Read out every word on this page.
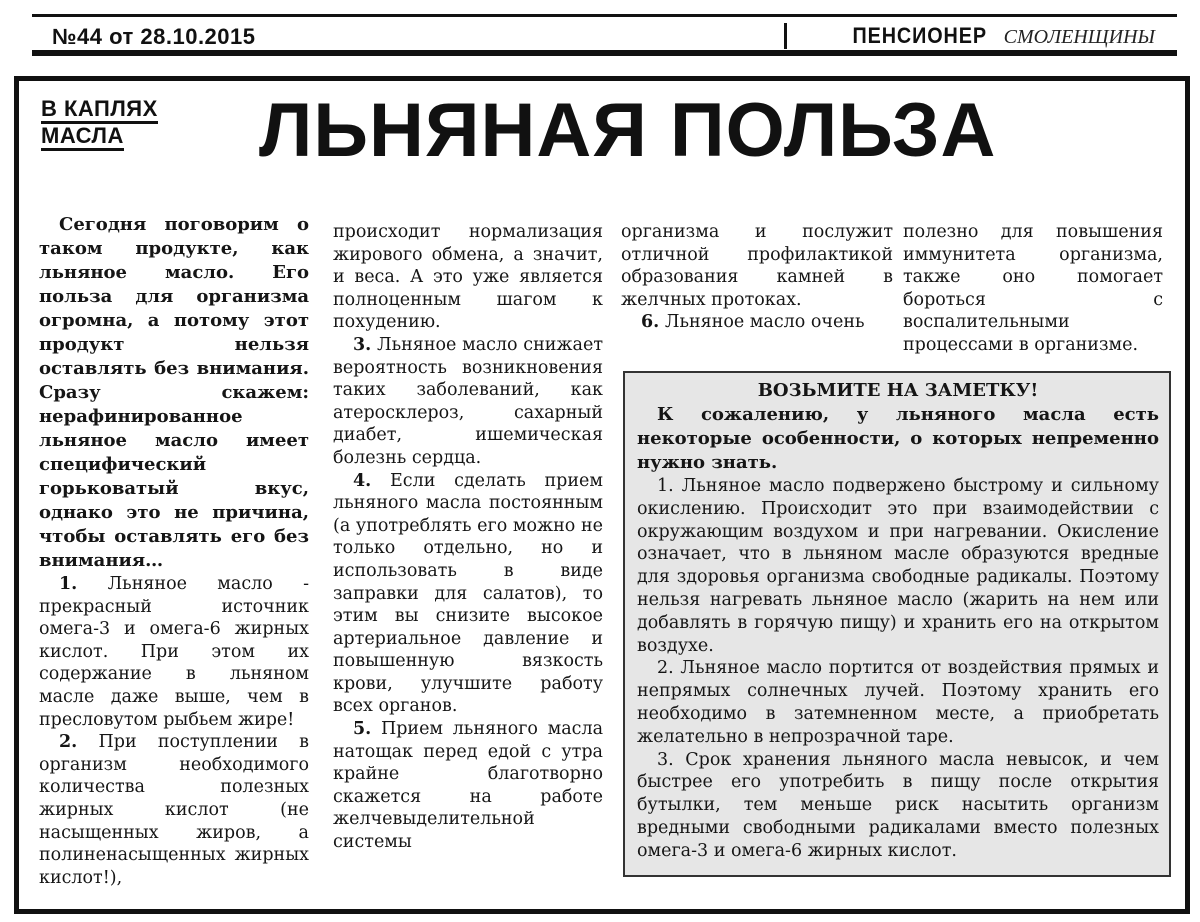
№44 от 28.10.2015	ПЕНСИОНЕР СМОЛЕНЩИНЫ
В КАПЛЯХ
МАСЛА ЛЬНЯНАЯ ПОЛЬЗА

Сегодня поговорим о таком продукте, как льняное масло. Его польза для организма огромна, а потому этот продукт нельзя оставлять без внимания. Сразу скажем: нерафинированное льняное масло имеет специфический горьковатый вкус, однако это не причина, чтобы оставлять его без внимания…

1. Льняное масло - прекрасный источник омега-3 и омега-6 жирных кислот. При этом их содержание в льняном масле даже выше, чем в пресловутом рыбьем жире!

2. При поступлении в организм необходимого количества полезных жирных кислот (не насыщенных жиров, а полиненасыщенных жирных кислот!),

происходит нормализация жирового обмена, а значит, и веса. А это уже является полноценным шагом к похудению.

3. Льняное масло снижает вероятность возникновения таких заболеваний, как атеросклероз, сахарный диабет, ишемическая болезнь сердца.

4. Если сделать прием льняного масла постоянным (а употреблять его можно не только отдельно, но и использовать в виде заправки для салатов), то этим вы снизите высокое артериальное давление и повышенную вязкость крови, улучшите работу всех органов.

5. Прием льняного масла натощак перед едой с утра крайне благотворно скажется на работе желчевыделительной системы

организма и послужит отличной профилактикой образования камней в желчных протоках.

6. Льняное масло очень

полезно для повышения иммунитета организма, также оно помогает бороться с воспалительными процессами в организме.

ВОЗЬМИТЕ НА ЗАМЕТКУ!

К сожалению, у льняного масла есть некоторые особенности, о которых непременно нужно знать.

1. Льняное масло подвержено быстрому и сильному окислению. Происходит это при взаимодействии с окружающим воздухом и при нагревании. Окисление означает, что в льняном масле образуются вредные для здоровья организма свободные радикалы. Поэтому нельзя нагревать льняное масло (жарить на нем или добавлять в горячую пищу) и хранить его на открытом воздухе.

2. Льняное масло портится от воздействия прямых и непрямых солнечных лучей. Поэтому хранить его необходимо в затемненном месте, а приобретать желательно в непрозрачной таре.

3. Срок хранения льняного масла невысок, и чем быстрее его употребить в пищу после открытия бутылки, тем меньше риск насытить организм вредными свободными радикалами вместо полезных омега-3 и омега-6 жирных кислот.
